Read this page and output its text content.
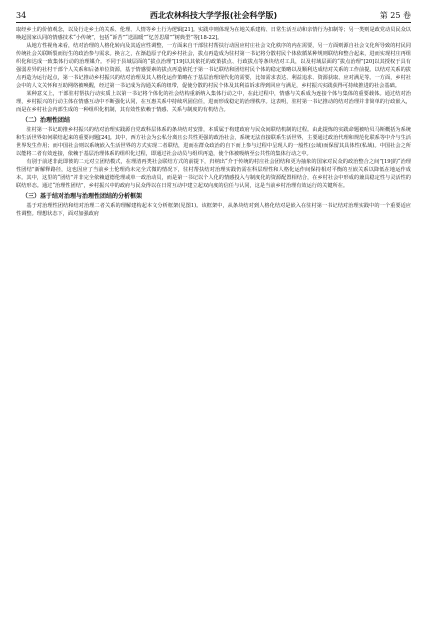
34	西北农林科技大学学报(社会科学版)	第 25 卷

取经乡土的价值观念，以及行走乡土的关系、伦理、人情等乡土行为逻辑[21]。实践中则体现为在地关系建构、日常生活互动和亲情行为扣制等；另一类则是政党动员民众以唤起国家认同的情感技术“小传统”，包括“诉苦”“送温暖”“忆苦思甜”“树典型”等[18-22]。

从地方性视角来看，结对治理的人格化转向及其适应性调整，一方面来自干部驻村帮扶行动因应村庄社会文化秩序的内在需要，另一方面则源自社会文化所导致的村民同传统社会关联断裂而衍生的政治参与需求。换言之，在渐趋原子化的乡村社会，拔点再造成为驻村第一书记将分散村民个体依循某种规则联结和整合起来，进而实现村庄再组织化和达成一致集体行动的治理媒介。不同于县域层面的“拔点治理”[19]以其依托的政策拔点、行政拔点等条块结对工具，以及村域层面的“拔点治理”[20]以其授权于具有强弱差异的社村干部个人关系和后备单位资源，基于情感要素的拔点再造依托于第一书记联结和团结村民个体的稳定策略以及顺利达成结对关系的工作前提。以结对关系的拔点再造为运行起点，第一书记推动乡村振兴的结对治理及其人格化运作策略在于基层治理现代化的需要，比如需求表达、利益追求、资源获取、应对满足等。一方面，乡村社会中的人文关怀和互助网络被唤醒，经过第一书记成为沟通关系的纽带，促使分散的村民个体及其利益诉求得到回应与满足，乡村振兴实践获得可持续推进的社会基础。

某种意义上，干部驻村帮扶行动实质上以第一书记将个体化的社会结构重新纳入集体行动之中，在此过程中，情感与关系成为连接个体与集体的重要载体。通过结对治理，乡村振兴的行动主体在情感互动中不断强化认同，在互惠关系中持续巩固信任，进而形成稳定的治理秩序。这表明，驻村第一书记推动的结对治理并非简单的行政嵌入，而是在乡村社会内部生成的一种组织化机制，其有效性依赖于情感、关系与制度的有机结合。

（二）治理性团结

驻村第一书记助推乡村振兴的结对治理实践源自党政科层体系的条块结对安排，本质属于构建政府与民众间联结机制的过程。由此提炼的实践命题被哈贝马斯概括为系统和生活世界如何联结起来的重要问题[24]。其中，西方社会为公私分离且公共性更强的政治社会，系统无法直接联系生活世界，主要通过政治代理和规范化联系等中介与生活世界发生作用；而中国社会则以系统嵌入生活世界的方式实现二者联结，进而在群众政治的自下而上参与过程中呈现人的一般性(公域)而保留其具体性(私域)。中国社会之所以能将二者有效连接，依赖于基层治理体系的组织化过程，即通过社会动员与组织再造，使个体被吸纳至公共性的集体行动之中。

有别于前述非此即彼的二元对立团结模式，在理清再类社会联结方式的前提下，归纳出“介于传统的村庄社会团结和更为抽象的国家对民众的政治整合之间”[19]的“治理性团结”新解释路径，这也因应了当前乡土伦理尚未完全式微的情况下，驻村帮扶结对治理实践仍需在科层理性和人格化运作间保持相对平衡的互嵌关系以降低在地运作成本。其中，这里的“团结”并非完全依赖道德伦理或单一政治动员，而是第一书记以个人化的情感投入与制度化的资源配置相结合，在乡村社会中形成的兼具稳定性与灵活性的联结形态。通过“治理性团结”，乡村振兴中的政府与民众得以在日常互动中建立起双向度的信任与认同，这是当前乡村治理有效运行的关键所在。

（三）基于结对治理与治理性团结的分析框架

基于对治理性团结和结对治理二者关系的理解建构起本文分析框架(见图1)。该框架中，从条块结对到人格化结对是嵌入在驻村第一书记结对治理实践中的一个重要适应性调整。理想状态下，面对加强政府
